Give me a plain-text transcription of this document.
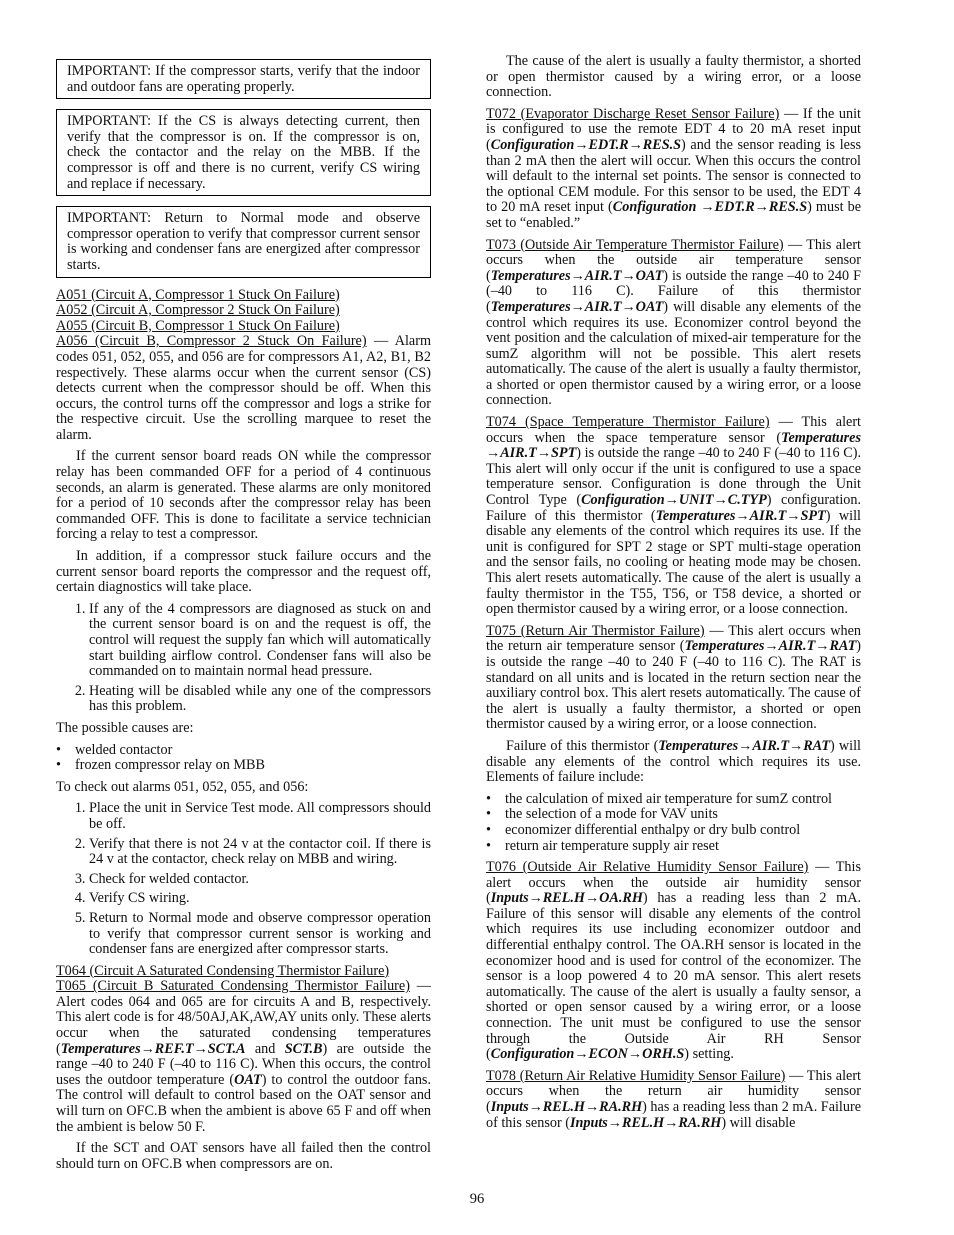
IMPORTANT: If the compressor starts, verify that the indoor and outdoor fans are operating properly.
IMPORTANT: If the CS is always detecting current, then verify that the compressor is on. If the compressor is on, check the contactor and the relay on the MBB. If the compressor is off and there is no current, verify CS wiring and replace if necessary.
IMPORTANT: Return to Normal mode and observe compressor operation to verify that compressor current sensor is working and condenser fans are energized after compressor starts.
A051 (Circuit A, Compressor 1 Stuck On Failure)
A052 (Circuit A, Compressor 2 Stuck On Failure)
A055 (Circuit B, Compressor 1 Stuck On Failure)

A056 (Circuit B, Compressor 2 Stuck On Failure) — Alarm codes 051, 052, 055, and 056 are for compressors A1, A2, B1, B2 respectively. These alarms occur when the current sensor (CS) detects current when the compressor should be off. When this occurs, the control turns off the compressor and logs a strike for the respective circuit. Use the scrolling marquee to reset the alarm.

If the current sensor board reads ON while the compressor relay has been commanded OFF for a period of 4 continuous seconds, an alarm is generated. These alarms are only monitored for a period of 10 seconds after the compressor relay has been commanded OFF. This is done to facilitate a service technician forcing a relay to test a compressor.

In addition, if a compressor stuck failure occurs and the current sensor board reports the compressor and the request off, certain diagnostics will take place.

1. If any of the 4 compressors are diagnosed as stuck on and the current sensor board is on and the request is off, the control will request the supply fan which will automatically start building airflow control. Condenser fans will also be commanded on to maintain normal head pressure.
2. Heating will be disabled while any one of the compressors has this problem.

The possible causes are:

• welded contactor
• frozen compressor relay on MBB

To check out alarms 051, 052, 055, and 056:

1. Place the unit in Service Test mode. All compressors should be off.
2. Verify that there is not 24 v at the contactor coil. If there is 24 v at the contactor, check relay on MBB and wiring.
3. Check for welded contactor.
4. Verify CS wiring.
5. Return to Normal mode and observe compressor operation to verify that compressor current sensor is working and condenser fans are energized after compressor starts.
T064 (Circuit A Saturated Condensing Thermistor Failure)

T065 (Circuit B Saturated Condensing Thermistor Failure) — Alert codes 064 and 065 are for circuits A and B, respectively. This alert code is for 48/50AJ,AK,AW,AY units only. These alerts occur when the saturated condensing temperatures (Temperatures→REF.T→SCT.A and SCT.B) are outside the range –40 to 240 F (–40 to 116 C). When this occurs, the control uses the outdoor temperature (OAT) to control the outdoor fans. The control will default to control based on the OAT sensor and will turn on OFC.B when the ambient is above 65 F and off when the ambient is below 50 F.

If the SCT and OAT sensors have all failed then the control should turn on OFC.B when compressors are on.

The cause of the alert is usually a faulty thermistor, a shorted or open thermistor caused by a wiring error, or a loose connection.

T072 (Evaporator Discharge Reset Sensor Failure) — If the unit is configured to use the remote EDT 4 to 20 mA reset input (Configuration→EDT.R→RES.S) and the sensor reading is less than 2 mA then the alert will occur. When this occurs the control will default to the internal set points. The sensor is connected to the optional CEM module. For this sensor to be used, the EDT 4 to 20 mA reset input (Configuration →EDT.R→RES.S) must be set to “enabled.”

T073 (Outside Air Temperature Thermistor Failure) — This alert occurs when the outside air temperature sensor (Temperatures→AIR.T→OAT) is outside the range –40 to 240 F (–40 to 116 C). Failure of this thermistor (Temperatures→AIR.T→OAT) will disable any elements of the control which requires its use. Economizer control beyond the vent position and the calculation of mixed-air temperature for the sumZ algorithm will not be possible. This alert resets automatically. The cause of the alert is usually a faulty thermistor, a shorted or open thermistor caused by a wiring error, or a loose connection.

T074 (Space Temperature Thermistor Failure) — This alert occurs when the space temperature sensor (Temperatures →AIR.T→SPT) is outside the range –40 to 240 F (–40 to 116 C). This alert will only occur if the unit is configured to use a space temperature sensor. Configuration is done through the Unit Control Type (Configuration→UNIT→C.TYP) configuration. Failure of this thermistor (Temperatures→AIR.T→SPT) will disable any elements of the control which requires its use. If the unit is configured for SPT 2 stage or SPT multi-stage operation and the sensor fails, no cooling or heating mode may be chosen. This alert resets automatically. The cause of the alert is usually a faulty thermistor in the T55, T56, or T58 device, a shorted or open thermistor caused by a wiring error, or a loose connection.

T075 (Return Air Thermistor Failure) — This alert occurs when the return air temperature sensor (Temperatures→AIR.T→RAT) is outside the range –40 to 240 F (–40 to 116 C). The RAT is standard on all units and is located in the return section near the auxiliary control box. This alert resets automatically. The cause of the alert is usually a faulty thermistor, a shorted or open thermistor caused by a wiring error, or a loose connection.

Failure of this thermistor (Temperatures→AIR.T→RAT) will disable any elements of the control which requires its use. Elements of failure include:

• the calculation of mixed air temperature for sumZ control
• the selection of a mode for VAV units
• economizer differential enthalpy or dry bulb control
• return air temperature supply air reset

T076 (Outside Air Relative Humidity Sensor Failure) — This alert occurs when the outside air humidity sensor (Inputs→REL.H→OA.RH) has a reading less than 2 mA. Failure of this sensor will disable any elements of the control which requires its use including economizer outdoor and differential enthalpy control. The OA.RH sensor is located in the economizer hood and is used for control of the economizer. The sensor is a loop powered 4 to 20 mA sensor. This alert resets automatically. The cause of the alert is usually a faulty sensor, a shorted or open sensor caused by a wiring error, or a loose connection. The unit must be configured to use the sensor through the Outside Air RH Sensor (Configuration→ECON→ORH.S) setting.

T078 (Return Air Relative Humidity Sensor Failure) — This alert occurs when the return air humidity sensor (Inputs→REL.H→RA.RH) has a reading less than 2 mA. Failure of this sensor (Inputs→REL.H→RA.RH) will disable

96
